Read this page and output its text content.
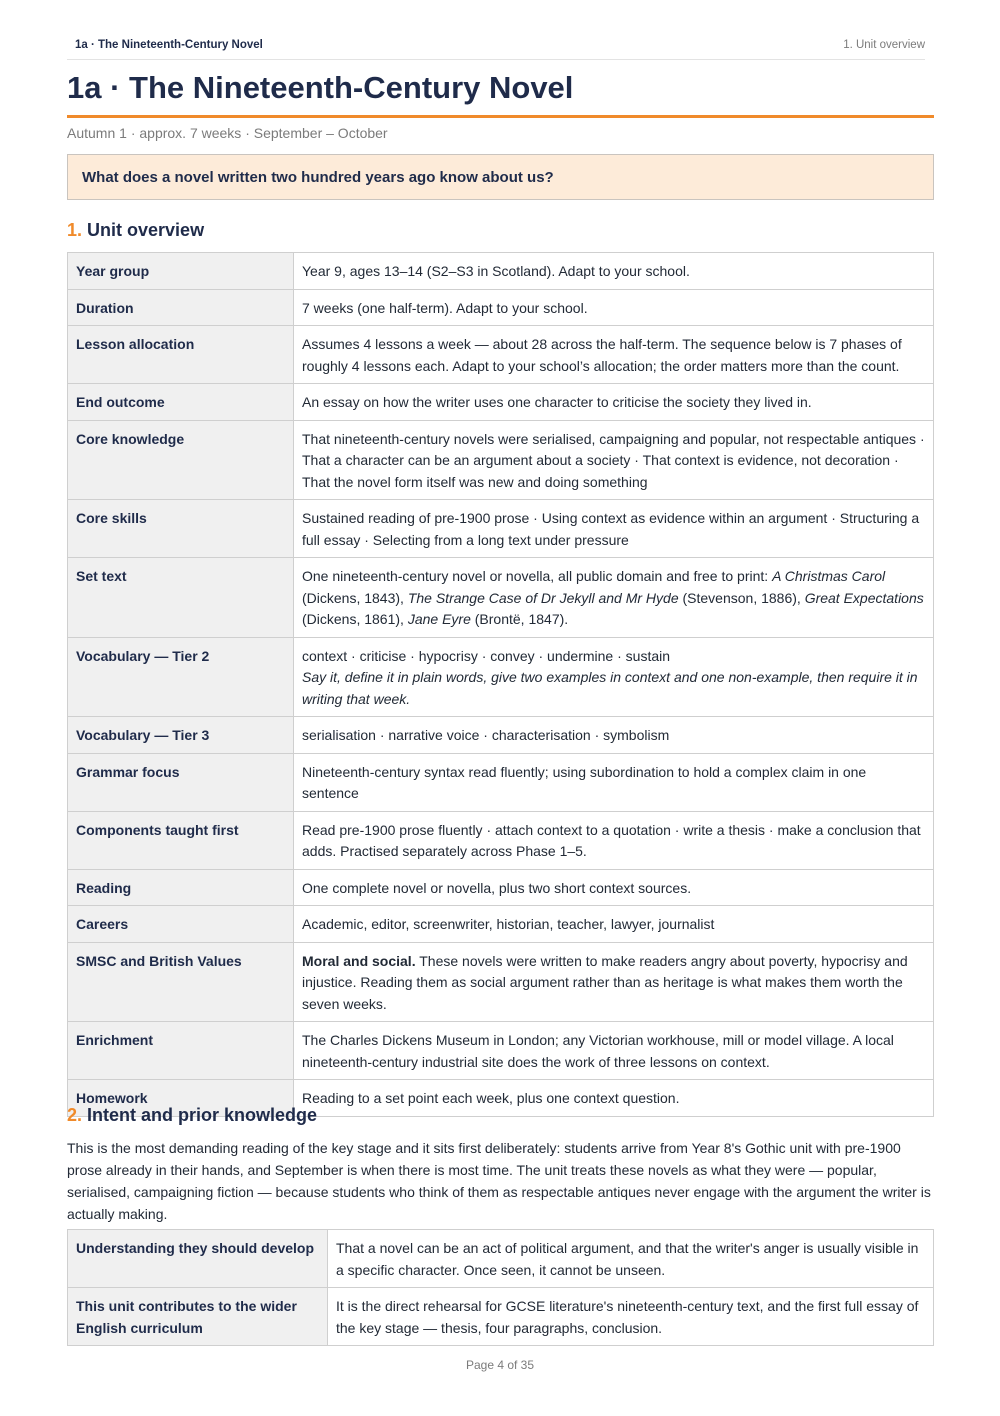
1a · The Nineteenth-Century Novel	1. Unit overview
1a · The Nineteenth-Century Novel
Autumn 1 · approx. 7 weeks · September – October
What does a novel written two hundred years ago know about us?
1. Unit overview
Year group	Year 9, ages 13–14 (S2–S3 in Scotland). Adapt to your school.
Duration	7 weeks (one half-term). Adapt to your school.
Lesson allocation	Assumes 4 lessons a week — about 28 across the half-term. The sequence below is 7 phases of roughly 4 lessons each. Adapt to your school’s allocation; the order matters more than the count.
End outcome	An essay on how the writer uses one character to criticise the society they lived in.
Core knowledge	That nineteenth-century novels were serialised, campaigning and popular, not respectable antiques · That a character can be an argument about a society · That context is evidence, not decoration · That the novel form itself was new and doing something
Core skills	Sustained reading of pre-1900 prose · Using context as evidence within an argument · Structuring a full essay · Selecting from a long text under pressure
Set text	One nineteenth-century novel or novella, all public domain and free to print: A Christmas Carol (Dickens, 1843), The Strange Case of Dr Jekyll and Mr Hyde (Stevenson, 1886), Great Expectations (Dickens, 1861), Jane Eyre (Brontë, 1847).
Vocabulary — Tier 2	context · criticise · hypocrisy · convey · undermine · sustain
Say it, define it in plain words, give two examples in context and one non-example, then require it in writing that week.

Vocabulary — Tier 3	serialisation · narrative voice · characterisation · symbolism
Grammar focus	Nineteenth-century syntax read fluently; using subordination to hold a complex claim in one sentence
Components taught first	Read pre-1900 prose fluently · attach context to a quotation · write a thesis · make a conclusion that adds. Practised separately across Phase 1–5.
Reading	One complete novel or novella, plus two short context sources.
Careers	Academic, editor, screenwriter, historian, teacher, lawyer, journalist
SMSC and British Values	Moral and social. These novels were written to make readers angry about poverty, hypocrisy and injustice. Reading them as social argument rather than as heritage is what makes them worth the seven weeks.
Enrichment	The Charles Dickens Museum in London; any Victorian workhouse, mill or model village. A local nineteenth-century industrial site does the work of three lessons on context.
Homework	Reading to a set point each week, plus one context question.
2. Intent and prior knowledge

This is the most demanding reading of the key stage and it sits first deliberately: students arrive from Year 8's Gothic unit with pre-1900 prose already in their hands, and September is when there is most time. The unit treats these novels as what they were — popular, serialised, campaigning fiction — because students who think of them as respectable antiques never engage with the argument the writer is actually making.

Understanding they should develop	That a novel can be an act of political argument, and that the writer's anger is usually visible in a specific character. Once seen, it cannot be unseen.
This unit contributes to the wider English curriculum	It is the direct rehearsal for GCSE literature's nineteenth-century text, and the first full essay of the key stage — thesis, four paragraphs, conclusion.
Page 4 of 35
